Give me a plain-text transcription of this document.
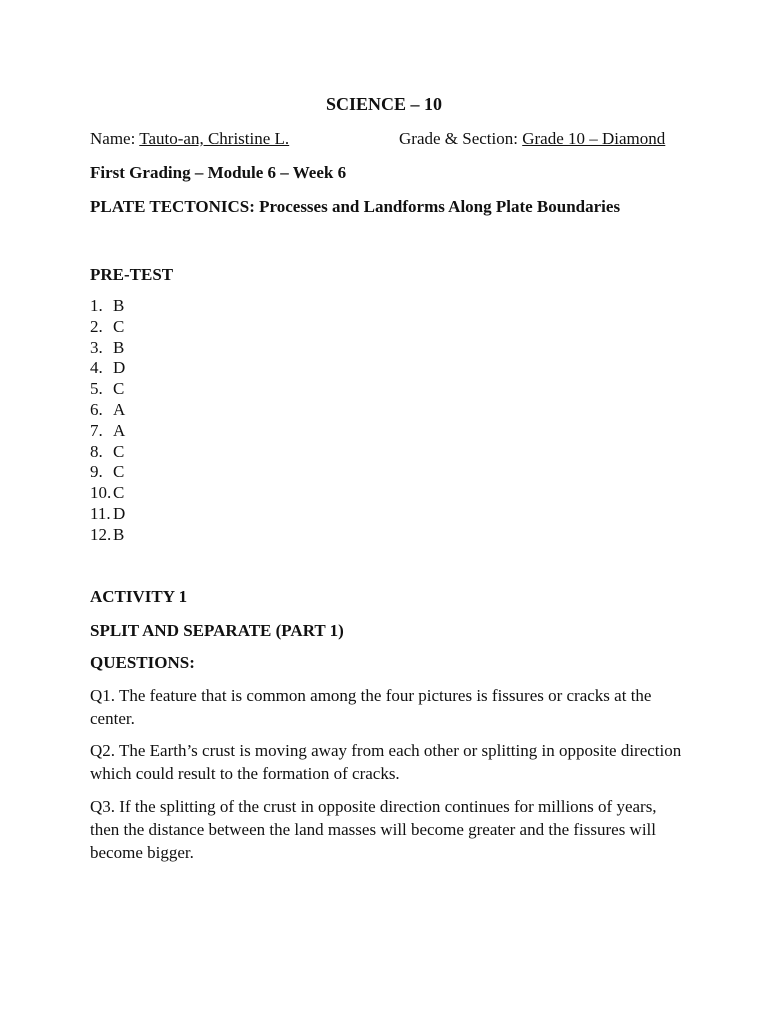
SCIENCE – 10
Name: Tauto-an, Christine L.	Grade & Section: Grade 10 – Diamond
First Grading – Module 6 – Week 6
PLATE TECTONICS: Processes and Landforms Along Plate Boundaries
PRE-TEST
1. B
2. C
3. B
4. D
5. C
6. A
7. A
8. C
9. C
10. C
11. D
12. B
ACTIVITY 1
SPLIT AND SEPARATE (PART 1)
QUESTIONS:

Q1. The feature that is common among the four pictures is fissures or cracks at the center.

Q2. The Earth’s crust is moving away from each other or splitting in opposite direction which could result to the formation of cracks.

Q3. If the splitting of the crust in opposite direction continues for millions of years, then the distance between the land masses will become greater and the fissures will become bigger.
